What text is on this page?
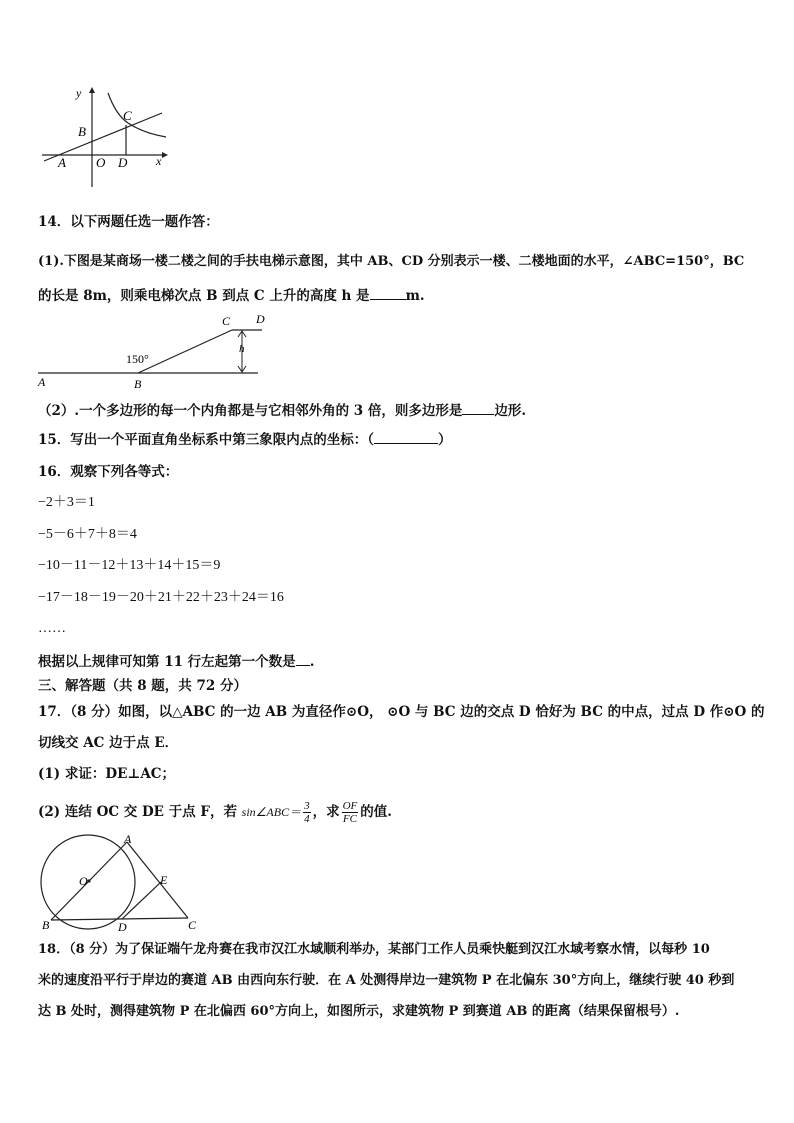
y
x
B
C
A O D
14．以下两题任选一题作答：
(1).下图是某商场一楼二楼之间的手扶电梯示意图，其中 AB、CD 分别表示一楼、二楼地面的水平，∠ABC=150°，BC
的长是 8m，则乘电梯次点 B 到点 C 上升的高度 h 是	m.
C D
h
150°
A	B
（2）.一个多边形的每一个内角都是与它相邻外角的 3 倍，则多边形是 边形.
15．写出一个平面直角坐标系中第三象限内点的坐标：（	）
16．观察下列各等式：
−2＋3＝1
−5－6＋7＋8＝4
−10－11－12＋13＋14＋15＝9
−17－18－19－20＋21＋22＋23＋24＝16
……
根据以上规律可知第 11 行左起第一个数是 .
三、解答题（共 8 题，共 72 分）
17．（8 分）如图，以△ABC 的一边 AB 为直径作⊙O， ⊙O 与 BC 边的交点 D 恰好为 BC 的中点，过点 D 作⊙O 的
切线交 AC 边于点 E．
(1) 求证：DE⊥AC；
(2) 连结 OC 交 DE 于点 F，若 sin∠ABC＝ $\frac{3}{4}$ ，求 $\frac{OF}{FC}$ 的值.
A
O	E
B	D	C
18．（8 分）为了保证端午龙舟赛在我市汉江水域顺利举办，某部门工作人员乘快艇到汉江水域考察水情，以每秒 10
米的速度沿平行于岸边的赛道 AB 由西向东行驶．在 A 处测得岸边一建筑物 P 在北偏东 30°方向上，继续行驶 40 秒到
达 B 处时，测得建筑物 P 在北偏西 60°方向上，如图所示，求建筑物 P 到赛道 AB 的距离（结果保留根号）.
